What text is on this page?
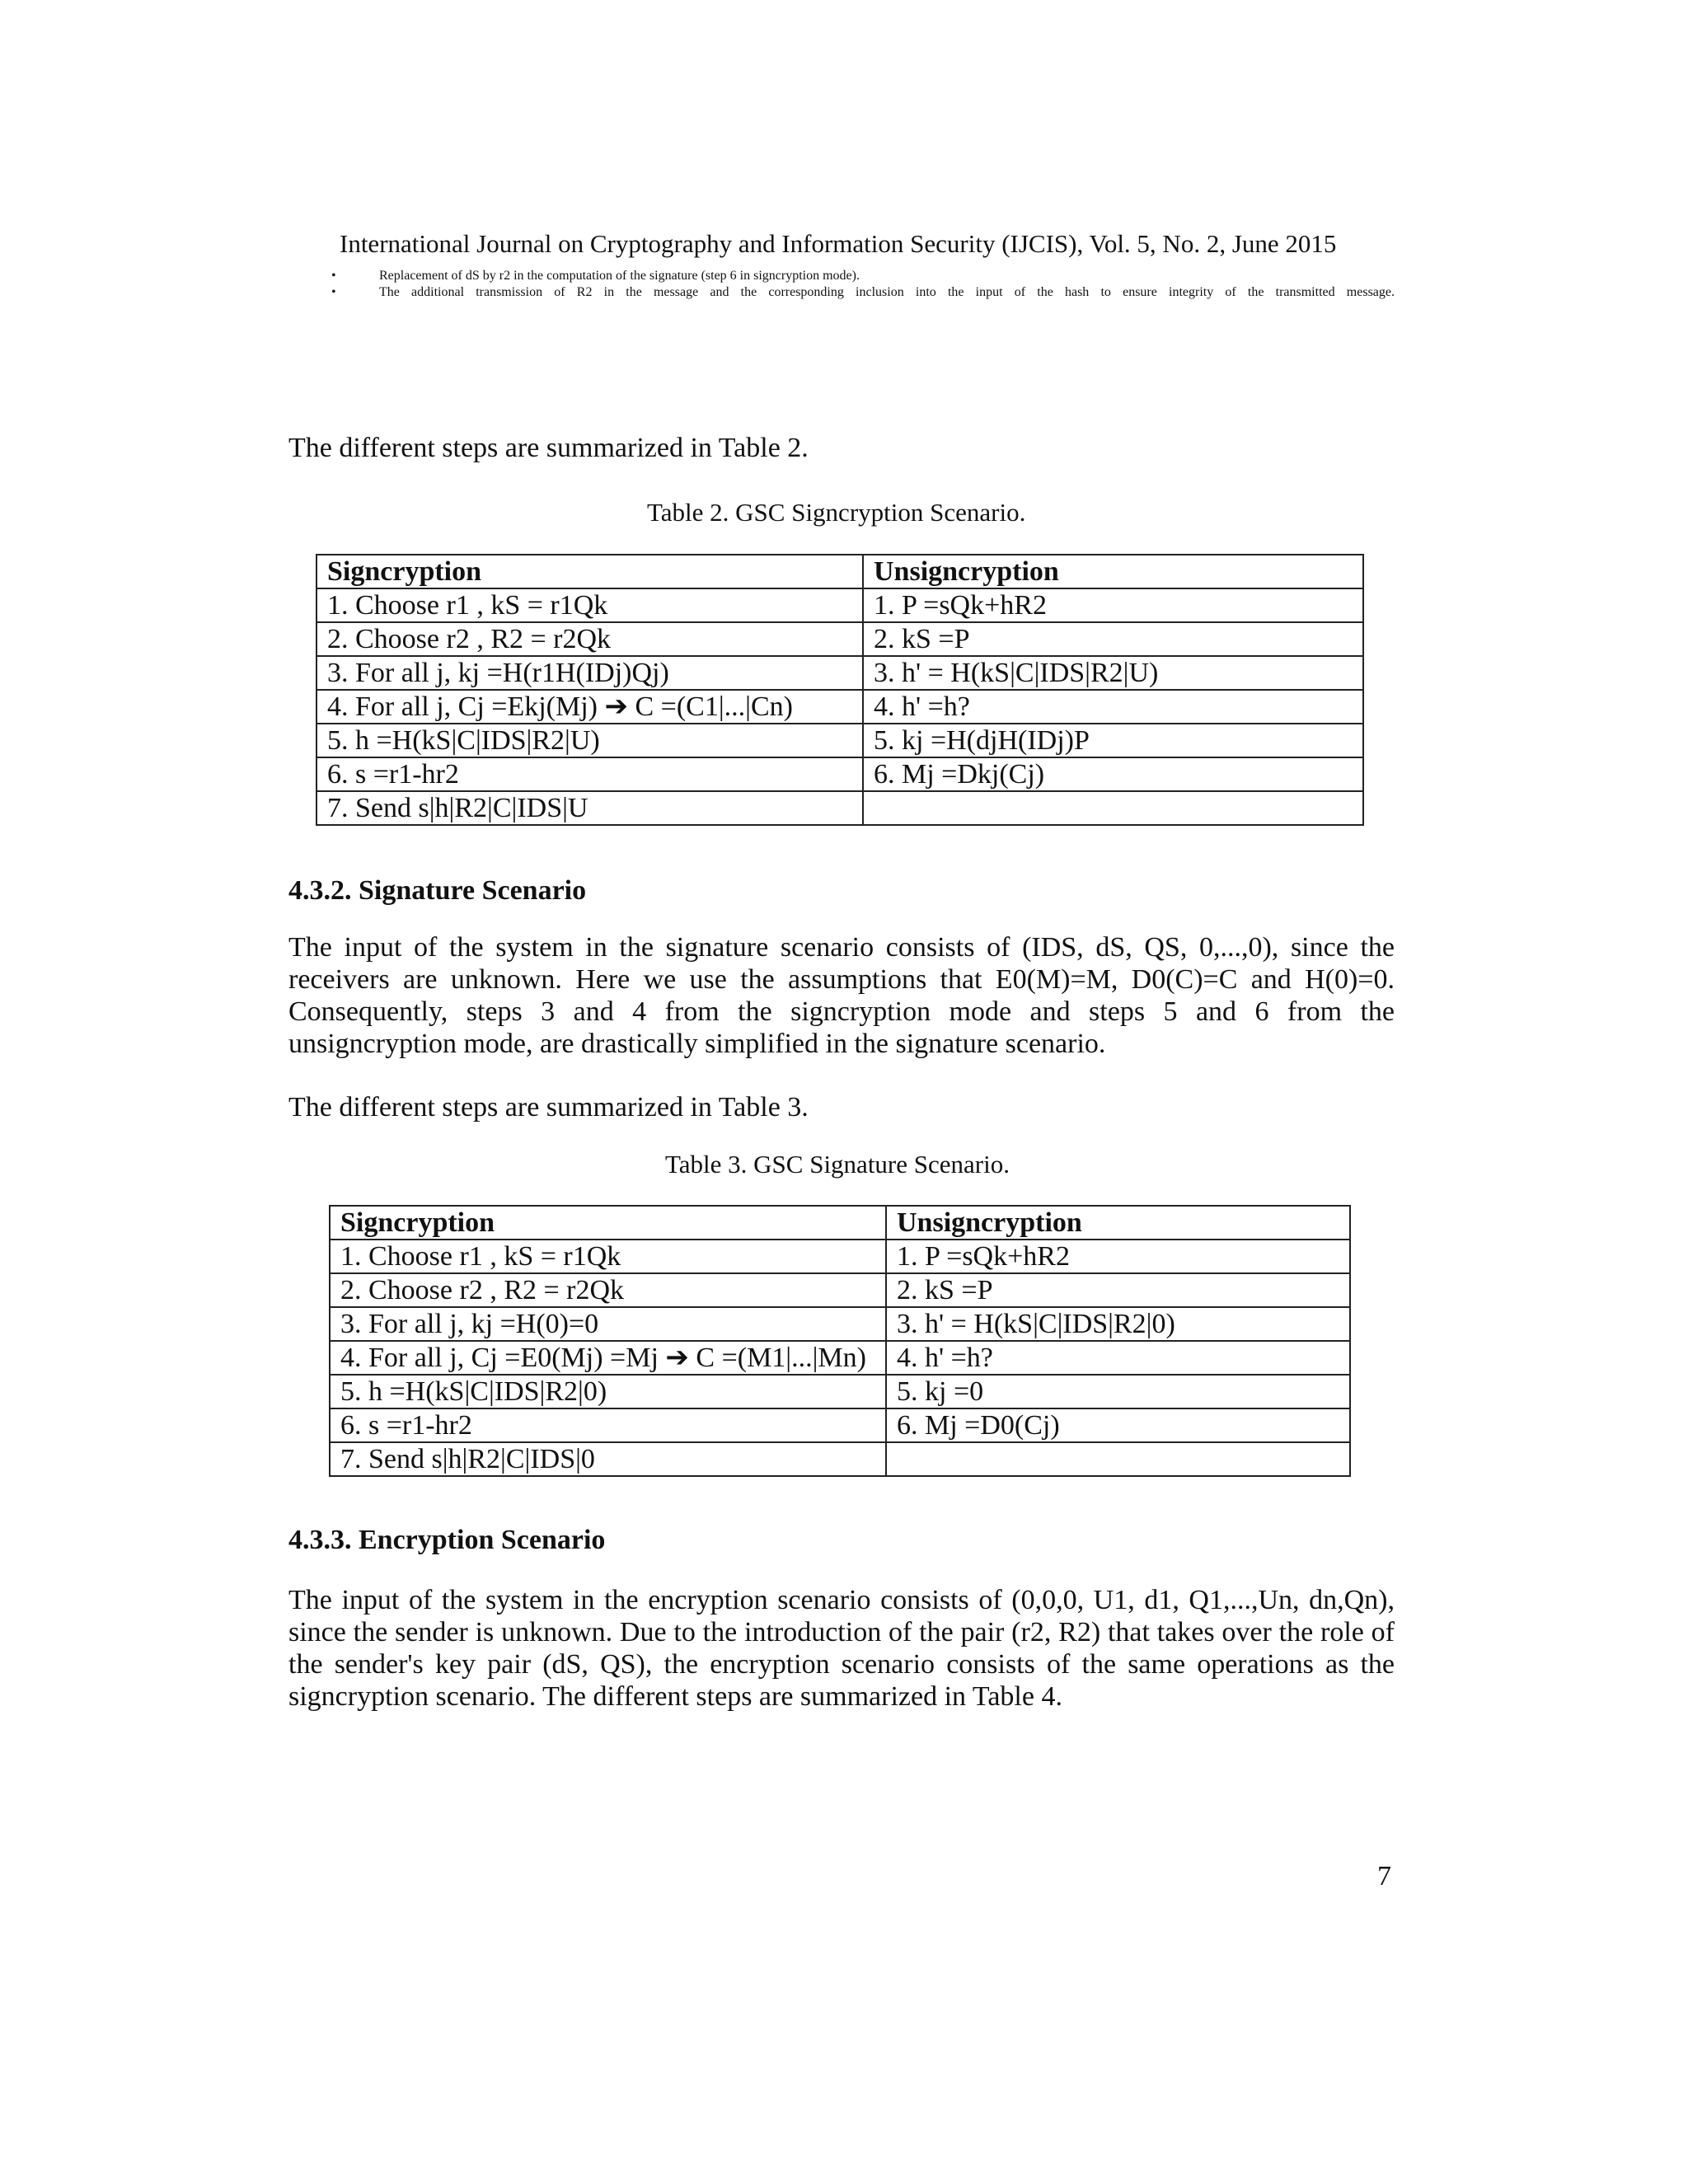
International Journal on Cryptography and Information Security (IJCIS), Vol. 5, No. 2, June 2015
•	Replacement of dS by r2 in the computation of the signature (step 6 in signcryption mode).
•	The additional transmission of R2 in the message and the corresponding inclusion into the input of the hash to ensure integrity of the transmitted message.
The different steps are summarized in Table 2.
Table 2. GSC Signcryption Scenario.
Signcryption	Unsigncryption
1. Choose r1 , kS = r1Qk	1. P =sQk+hR2
2. Choose r2 , R2 = r2Qk	2. kS =P
3. For all j, kj =H(r1H(IDj)Qj)	3. h' = H(kS|C|IDS|R2|U)
4. For all j, Cj =Ekj(Mj) ➔ C =(C1|...|Cn)	4. h' =h?
5. h =H(kS|C|IDS|R2|U)	5. kj =H(djH(IDj)P
6. s =r1-hr2	6. Mj =Dkj(Cj)
7. Send s|h|R2|C|IDS|U	
4.3.2. Signature Scenario
The input of the system in the signature scenario consists of (IDS, dS, QS, 0,...,0), since the receivers are unknown. Here we use the assumptions that E0(M)=M, D0(C)=C and H(0)=0. Consequently, steps 3 and 4 from the signcryption mode and steps 5 and 6 from the unsigncryption mode, are drastically simplified in the signature scenario.
The different steps are summarized in Table 3.
Table 3. GSC Signature Scenario.
Signcryption	Unsigncryption
1. Choose r1 , kS = r1Qk	1. P =sQk+hR2
2. Choose r2 , R2 = r2Qk	2. kS =P
3. For all j, kj =H(0)=0	3. h' = H(kS|C|IDS|R2|0)
4. For all j, Cj =E0(Mj) =Mj ➔ C =(M1|...|Mn)	4. h' =h?
5. h =H(kS|C|IDS|R2|0)	5. kj =0
6. s =r1-hr2	6. Mj =D0(Cj)
7. Send s|h|R2|C|IDS|0	
4.3.3. Encryption Scenario
The input of the system in the encryption scenario consists of (0,0,0, U1, d1, Q1,...,Un, dn,Qn), since the sender is unknown. Due to the introduction of the pair (r2, R2) that takes over the role of the sender's key pair (dS, QS), the encryption scenario consists of the same operations as the signcryption scenario. The different steps are summarized in Table 4.
7
